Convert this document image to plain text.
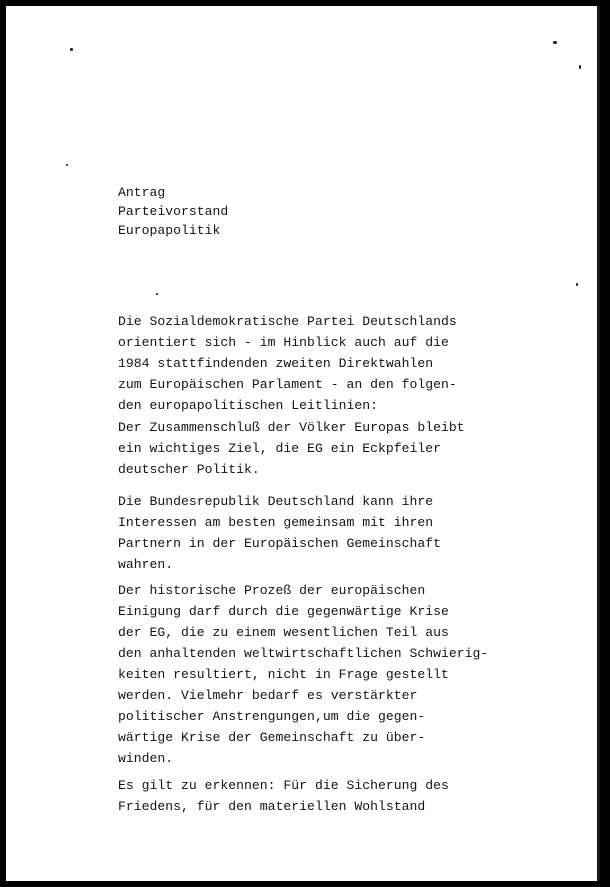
Antrag

Parteivorstand

Europapolitik

Die Sozialdemokratische Partei Deutschlands

orientiert sich - im Hinblick auch auf die

1984 stattfindenden zweiten Direktwahlen

zum Europäischen Parlament - an den folgen-

den europapolitischen Leitlinien:

Der Zusammenschluß der Völker Europas bleibt

ein wichtiges Ziel, die EG ein Eckpfeiler

deutscher Politik.

Die Bundesrepublik Deutschland kann ihre

Interessen am besten gemeinsam mit ihren

Partnern in der Europäischen Gemeinschaft

wahren.

Der historische Prozeß der europäischen

Einigung darf durch die gegenwärtige Krise

der EG, die zu einem wesentlichen Teil aus

den anhaltenden weltwirtschaftlichen Schwierig-

keiten resultiert, nicht in Frage gestellt

werden. Vielmehr bedarf es verstärkter

politischer Anstrengungen,um die gegen-

wärtige Krise der Gemeinschaft zu über-

winden.

Es gilt zu erkennen: Für die Sicherung des

Friedens, für den materiellen Wohlstand
